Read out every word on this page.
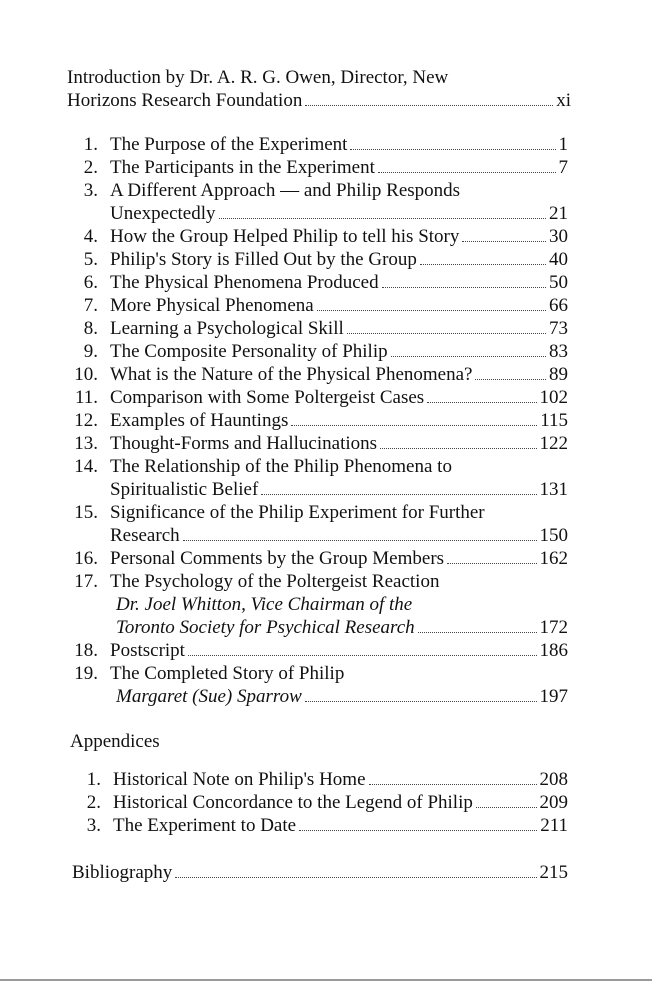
Introduction by Dr. A. R. G. Owen, Director, New
Horizons Research Foundation	xi
1. The Purpose of the Experiment	1
2. The Participants in the Experiment	7
3. A Different Approach — and Philip Responds
Unexpectedly	21
4. How the Group Helped Philip to tell his Story	30
5. Philip's Story is Filled Out by the Group	40
6. The Physical Phenomena Produced	50
7. More Physical Phenomena	66
8. Learning a Psychological Skill	73
9. The Composite Personality of Philip	83
10. What is the Nature of the Physical Phenomena?	89
11. Comparison with Some Poltergeist Cases	102
12. Examples of Hauntings	115
13. Thought-Forms and Hallucinations	122
14. The Relationship of the Philip Phenomena to
Spiritualistic Belief	131
15. Significance of the Philip Experiment for Further
Research	150
16. Personal Comments by the Group Members	162
17. The Psychology of the Poltergeist Reaction
Dr. Joel Whitton, Vice Chairman of the
Toronto Society for Psychical Research	172
18. Postscript	186
19. The Completed Story of Philip
Margaret (Sue) Sparrow	197
Appendices
1. Historical Note on Philip's Home	208
2. Historical Concordance to the Legend of Philip	209
3. The Experiment to Date	211
Bibliography	215
